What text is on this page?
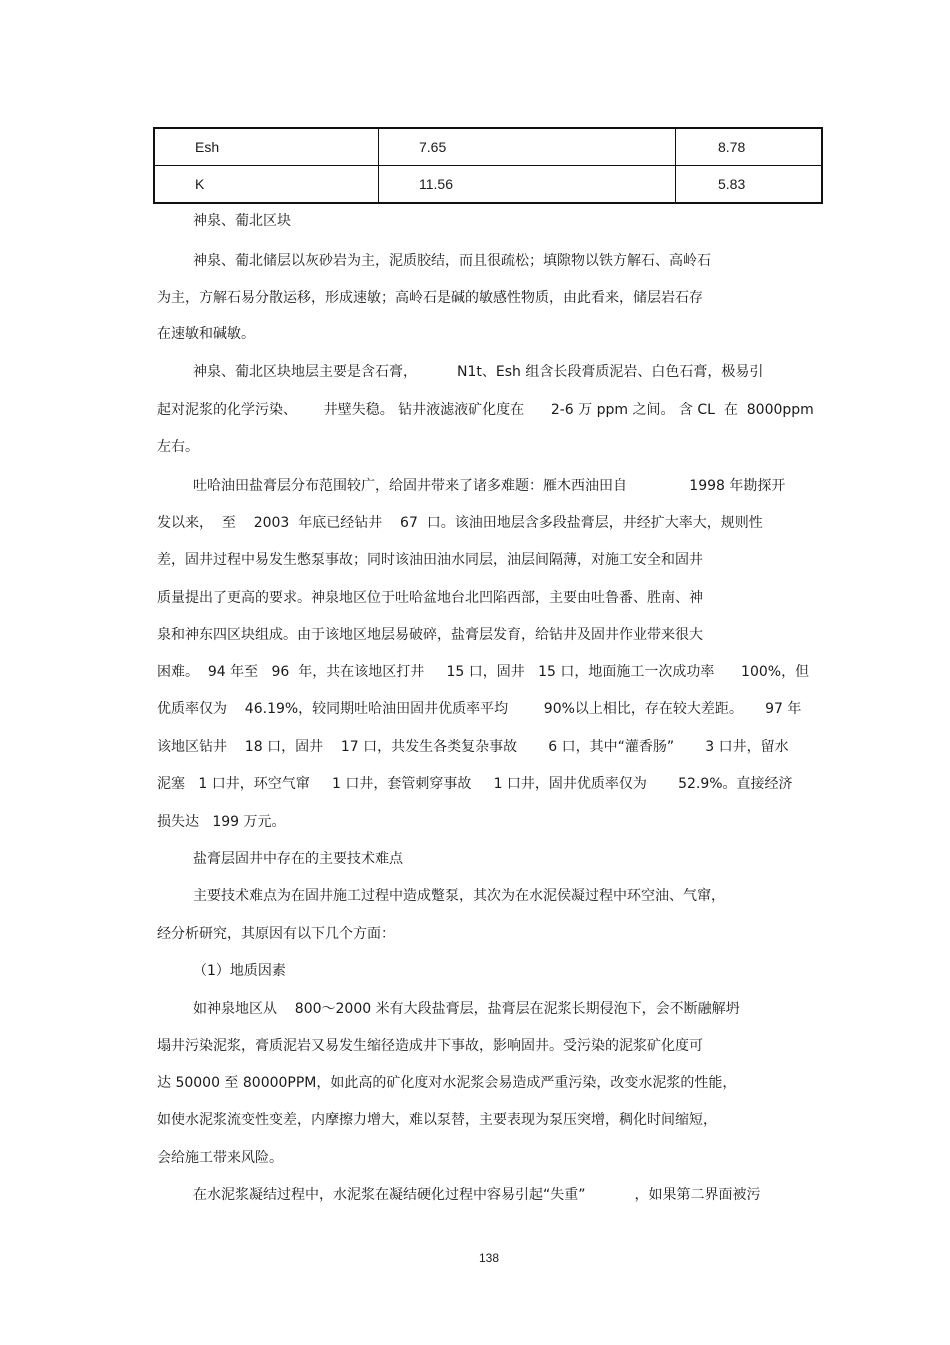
Esh	7.65	8.78
K	11.56	5.83
神泉、葡北区块
神泉、葡北储层以灰砂岩为主，泥质胶结，而且很疏松；填隙物以铁方解石、高岭石
为主，方解石易分散运移，形成速敏；高岭石是碱的敏感性物质，由此看来，储层岩石存
在速敏和碱敏。
神泉、葡北区块地层主要是含石膏，         N1t、Esh 组含长段膏质泥岩、白色石膏，极易引
起对泥浆的化学污染、      井壁失稳。 钻井液滤液矿化度在      2-6 万 ppm 之间。 含 CL  在  8000ppm
左右。
吐哈油田盐膏层分布范围较广，给固井带来了诸多难题：雁木西油田自              1998 年勘探开
发以来，  至    2003  年底已经钻井    67  口。该油田地层含多段盐膏层，井经扩大率大，规则性
差，固井过程中易发生憋泵事故；同时该油田油水同层，油层间隔薄，对施工安全和固井
质量提出了更高的要求。神泉地区位于吐哈盆地台北凹陷西部，主要由吐鲁番、胜南、神
泉和神东四区块组成。由于该地区地层易破碎，盐膏层发育，给钻井及固井作业带来很大
困难。  94 年至   96  年，共在该地区打井     15 口，固井   15 口，地面施工一次成功率      100%，但
优质率仅为    46.19%，较同期吐哈油田固井优质率平均        90%以上相比，存在较大差距。     97 年
该地区钻井    18 口，固井    17 口，共发生各类复杂事故       6 口，其中“灌香肠”       3 口井，留水
泥塞   1 口井，环空气窜     1 口井，套管刺穿事故     1 口井，固井优质率仅为       52.9%。直接经济
损失达   199 万元。
盐膏层固井中存在的主要技术难点
主要技术难点为在固井施工过程中造成蹩泵，其次为在水泥侯凝过程中环空油、气窜，
经分析研究，其原因有以下几个方面：
（1）地质因素
如神泉地区从    800～2000 米有大段盐膏层，盐膏层在泥浆长期侵泡下，会不断融解坍
塌井污染泥浆，膏质泥岩又易发生缩径造成井下事故，影响固井。受污染的泥浆矿化度可
达 50000 至 80000PPM，如此高的矿化度对水泥浆会易造成严重污染，改变水泥浆的性能，
如使水泥浆流变性变差，内摩擦力增大，难以泵替，主要表现为泵压突增，稠化时间缩短，
会给施工带来风险。
在水泥浆凝结过程中，水泥浆在凝结硬化过程中容易引起“失重”           ，如果第二界面被污
138
